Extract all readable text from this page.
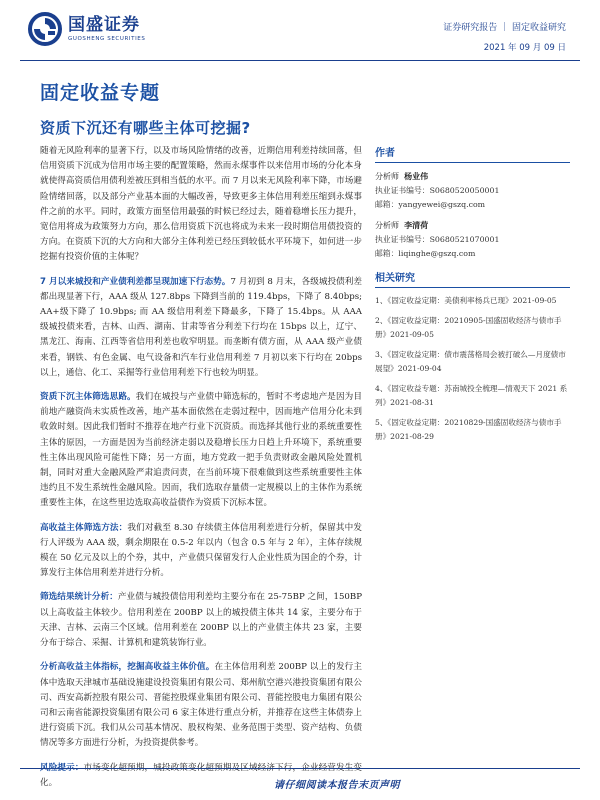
国盛证券
GUOSHENG SECURITIES
证券研究报告 ｜ 固定收益研究
2021 年 09 月 09 日
固定收益专题
资质下沉还有哪些主体可挖掘?

随着无风险利率的显著下行，以及市场风险情绪的改善，近期信用利差持续回落，但信用资质下沉成为信用市场主要的配置策略，然而永煤事件以来信用市场的分化本身就使得高资质信用债利差被压到相当低的水平。而 7 月以来无风险利率下降，市场避险情绪回落，以及部分产业基本面的大幅改善，导致更多主体信用利差压缩到永煤事件之前的水平。同时，政策方面坚信用最强的时候已经过去，随着稳增长压力提升，宽信用将成为政策努力方向，那么信用资质下沉也将成为未来一段时期信用债投资的方向。在资质下沉的大方向和大部分主体利差已经压到较低水平环境下，如何进一步挖掘有投资价值的主体呢？

7 月以来城投和产业债利差都呈现加速下行态势。7 月初到 8 月末，各级城投债利差都出现显著下行，AAA 级从 127.8bps 下降到当前的 119.4bps，下降了 8.40bps; AA+级下降了 10.9bps; 而 AA 级信用利差下降最多，下降了 15.4bps。从 AAA 级城投债来看，吉林、山西、湖南、甘肃等省分利差下行均在 15bps 以上，辽宁、黑龙江、海南、江西等省信用利差也收窄明显。而垄断有债方面，从 AAA 级产业债来看，钢铁、有色金属、电气设备和汽车行业信用利差 7 月初以来下行均在 20bps 以上，通信、化工、采掘等行业信用利差下行也较为明显。

资质下沉主体筛选思路。我们在城投与产业债中筛选标的，暂时不考虑地产是因为目前地产融资尚未实质性改善，地产基本面依然在走弱过程中，因而地产信用分化未到收敛时刻。因此我们暂时不推荐在地产行业下沉资质。而选择其他行业的系统重要性主体的原因，一方面是因为当前经济走弱以及稳增长压力日趋上升环境下，系统重要性主体出现风险可能性下降；另一方面，地方党政一把手负责财政金融风险处置机制，同时对重大金融风险严肃追责问责，在当前环境下很难做到这些系统重要性主体违约且不发生系统性金融风险。因而，我们选取存量债一定规模以上的主体作为系统重要性主体，在这些里边选取高收益债作为资质下沉标本筐。

高收益主体筛选方法：我们对截至 8.30 存续债主体信用利差进行分析，保留其中发行人评级为 AAA 级，剩余期限在 0.5-2 年以内（包含 0.5 年与 2 年），主体存续规模在 50 亿元及以上的个券，其中，产业债只保留发行人企业性质为国企的个券，计算发行主体信用利差并进行分析。

筛选结果统计分析：产业债与城投债信用利差均主要分布在 25-75BP 之间，150BP 以上高收益主体较少。信用利差在 200BP 以上的城投债主体共 14 家，主要分布于天津、吉林、云南三个区域。信用利差在 200BP 以上的产业债主体共 23 家，主要分布于综合、采掘、计算机和建筑装饰行业。

分析高收益主体指标，挖掘高收益主体价值。在主体信用利差 200BP 以上的发行主体中选取天津城市基础设施建设投资集团有限公司、郑州航空港兴港投资集团有限公司、西安高新控股有限公司、晋能控股煤业集团有限公司、晋能控股电力集团有限公司和云南省能源投资集团有限公司 6 家主体进行重点分析，并推荐在这些主体债券上进行资质下沉。我们从公司基本情况、股权构架、业务范围于类型、资产结构、负债情况等多方面进行分析，为投资提供参考。

化。

作者
分析师 杨业伟
执业证书编号：S0680520050001
邮箱：yangyewei@gszq.com
分析师 李清荷
执业证书编号：S0680521070001
邮箱：liqinghe@gszq.com
相关研究
1、《固定收益定期：美债利率杨兵已现》2021-09-05
2、《固定收益定期：20210905-国盛固收经济与债市手册》2021-09-05
3、《固定收益定期：债市震荡格局会被打破么—月度债市展望》2021-09-04
4、《固定收益专题：苏南城投全梳理—情观天下 2021 系列》2021-08-31
5、《固定收益定期：20210829-国盛固收经济与债市手册》2021-08-29
请仔细阅读本报告末页声明
